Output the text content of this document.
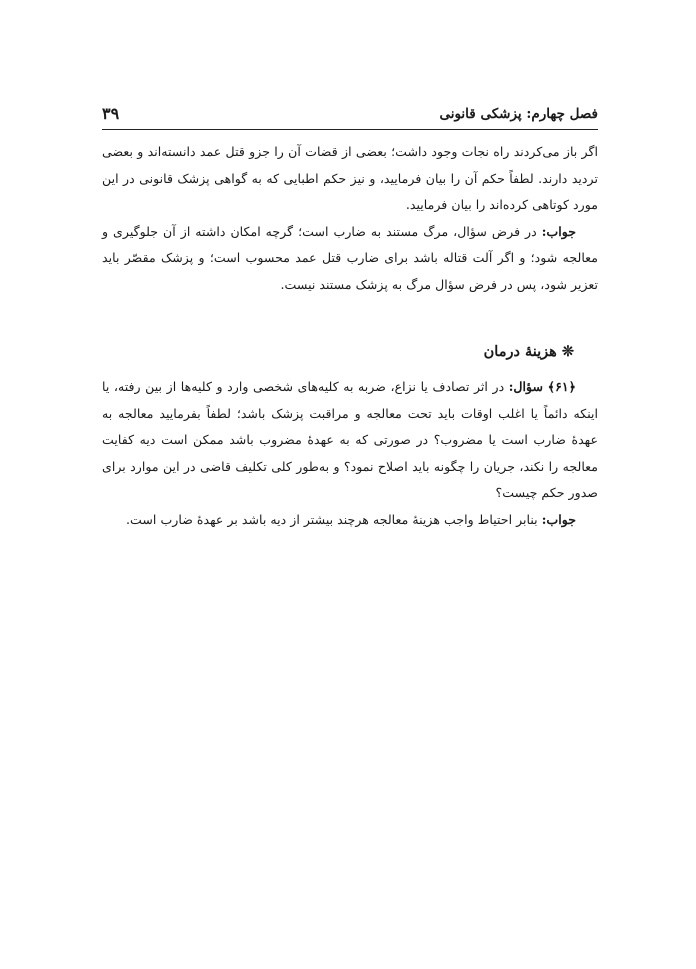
فصل چهارم: پزشکی قانونی
۳۹

اگر باز می‌کردند راه نجات وجود داشت؛ بعضی از قضات آن را جزو قتل عمد دانسته‌اند و بعضی تردید دارند. لطفاً حکم آن را بیان فرمایید، و نیز حکم اطبایی که به گواهی پزشک قانونی در این مورد کوتاهی کرده‌اند را بیان فرمایید.

جواب: در فرض سؤال، مرگ مستند به ضارب است؛ گرچه امکان داشته از آن جلوگیری و معالجه شود؛ و اگر آلت قتاله باشد برای ضارب قتل عمد محسوب است؛ و پزشک مقصّر باید تعزیر شود، پس در فرض سؤال مرگ به پزشک مستند نیست.

❊ هزینهٔ درمان

﴿۶۱﴾ سؤال: در اثر تصادف یا نزاع، ضربه به کلیه‌های شخصی وارد و کلیه‌ها از بین رفته، یا اینکه دائماً یا اغلب اوقات باید تحت معالجه و مراقبت پزشک باشد؛ لطفاً بفرمایید معالجه به عهدهٔ ضارب است یا مضروب؟ در صورتی که به عهدهٔ مضروب باشد ممکن است دیه کفایت معالجه را نکند، جریان را چگونه باید اصلاح نمود؟ و به‌طور کلی تکلیف قاضی در این موارد برای صدور حکم چیست؟

جواب: بنابر احتیاط واجب هزینهٔ معالجه هرچند بیشتر از دیه باشد بر عهدهٔ ضارب است.
